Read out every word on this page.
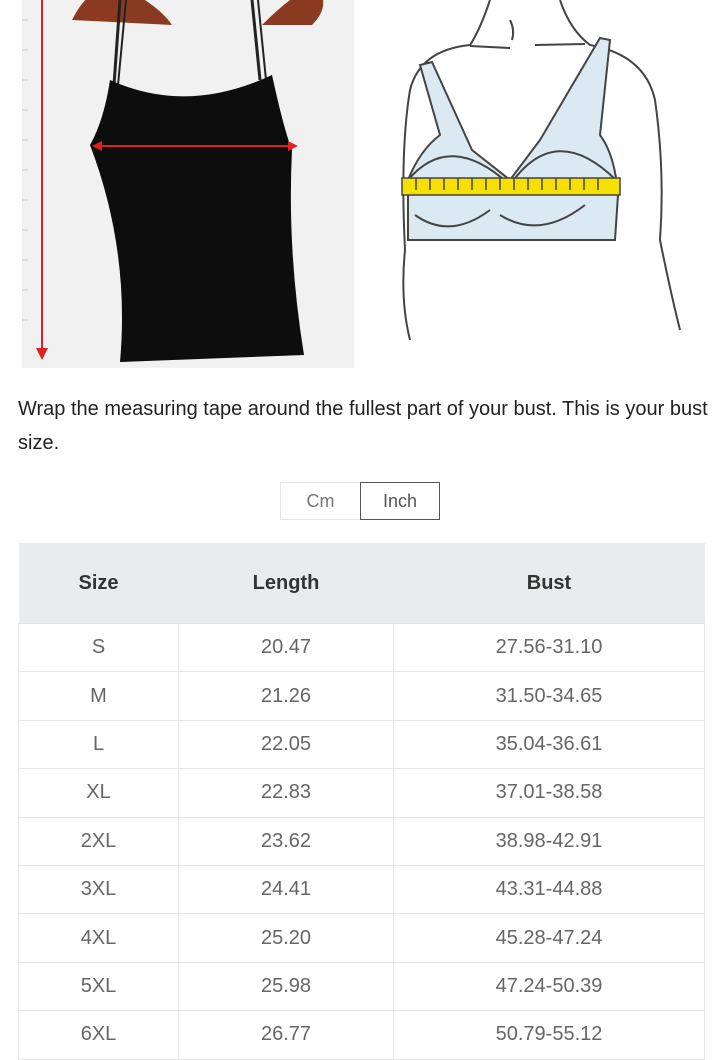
Wrap the measuring tape around the fullest part of your bust. This is your bust size.

Cm	Inch
Size	Length	Bust
S	20.47	27.56-31.10
M	21.26	31.50-34.65
L	22.05	35.04-36.61
XL	22.83	37.01-38.58
2XL	23.62	38.98-42.91
3XL	24.41	43.31-44.88
4XL	25.20	45.28-47.24
5XL	25.98	47.24-50.39
6XL	26.77	50.79-55.12
